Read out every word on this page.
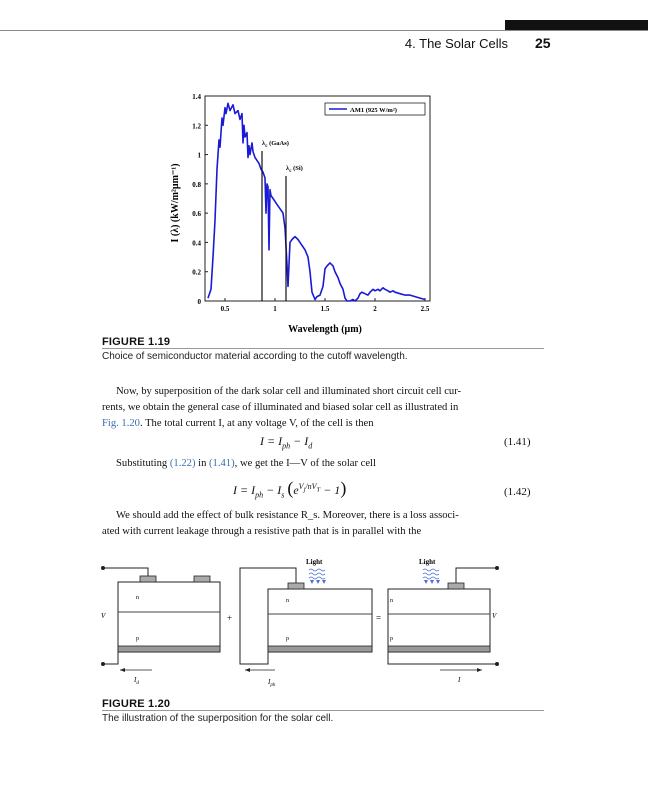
4. The Solar Cells 25
I (λ) (kW/m²μm⁻¹)
Wavelength (μm)
0
0.2
0.4
0.6
0.8
1
1.2
1.4
0.5	1	1.5	2	2.5
$\lambda_c$ (GaAs)
$\lambda_c$ (Si)
AM1 (925 W/m²)
FIGURE 1.19
Choice of semiconductor material according to the cutoff wavelength.
Now, by superposition of the dark solar cell and illuminated short circuit cell cur-
rents, we obtain the general case of illuminated and biased solar cell as illustrated in
Fig. 1.20. The total current I, at any voltage V, of the cell is then
$I = I_{ph} - I_d$	(1.41)
Substituting (1.22) in (1.41), we get the I—V of the solar cell
$I = I_{ph} - I_s$ $(e^{V_j/nV_T} - 1)$	(1.42)
We should add the effect of bulk resistance R_s. Moreover, there is a loss associ-
ated with current leakage through a resistive path that is in parallel with the
n
p
V
$I_d$
+
n
p
Light
$I_{ph}$
=
n
p
V
Light
I
FIGURE 1.20
The illustration of the superposition for the solar cell.
